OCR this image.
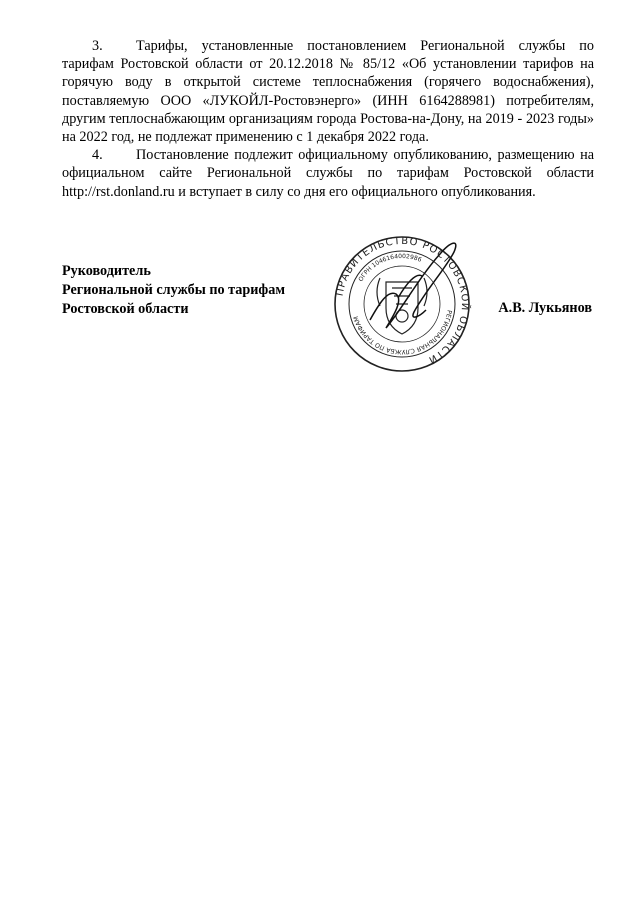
3. Тарифы, установленные постановлением Региональной службы по тарифам Ростовской области от 20.12.2018 № 85/12 «Об установлении тарифов на горячую воду в открытой системе теплоснабжения (горячего водоснабжения), поставляемую ООО «ЛУКОЙЛ-Ростовэнерго» (ИНН 6164288981) потребителям, другим теплоснабжающим организациям города Ростова-на-Дону, на 2019 - 2023 годы» на 2022 год, не подлежат применению с 1 декабря 2022 года.

4. Постановление подлежит официальному опубликованию, размещению на официальном сайте Региональной службы по тарифам Ростовской области http://rst.donland.ru и вступает в силу со дня его официального опубликования.

Руководитель
Региональной службы по тарифам
Ростовской области	А.В. Лукьянов
ПРАВИТЕЛЬСТВО РОСТОВСКОЙ ОБЛАСТИ
РЕГИОНАЛЬНАЯ СЛУЖБА ПО ТАРИФАМ
ОГРН 1046164002986
